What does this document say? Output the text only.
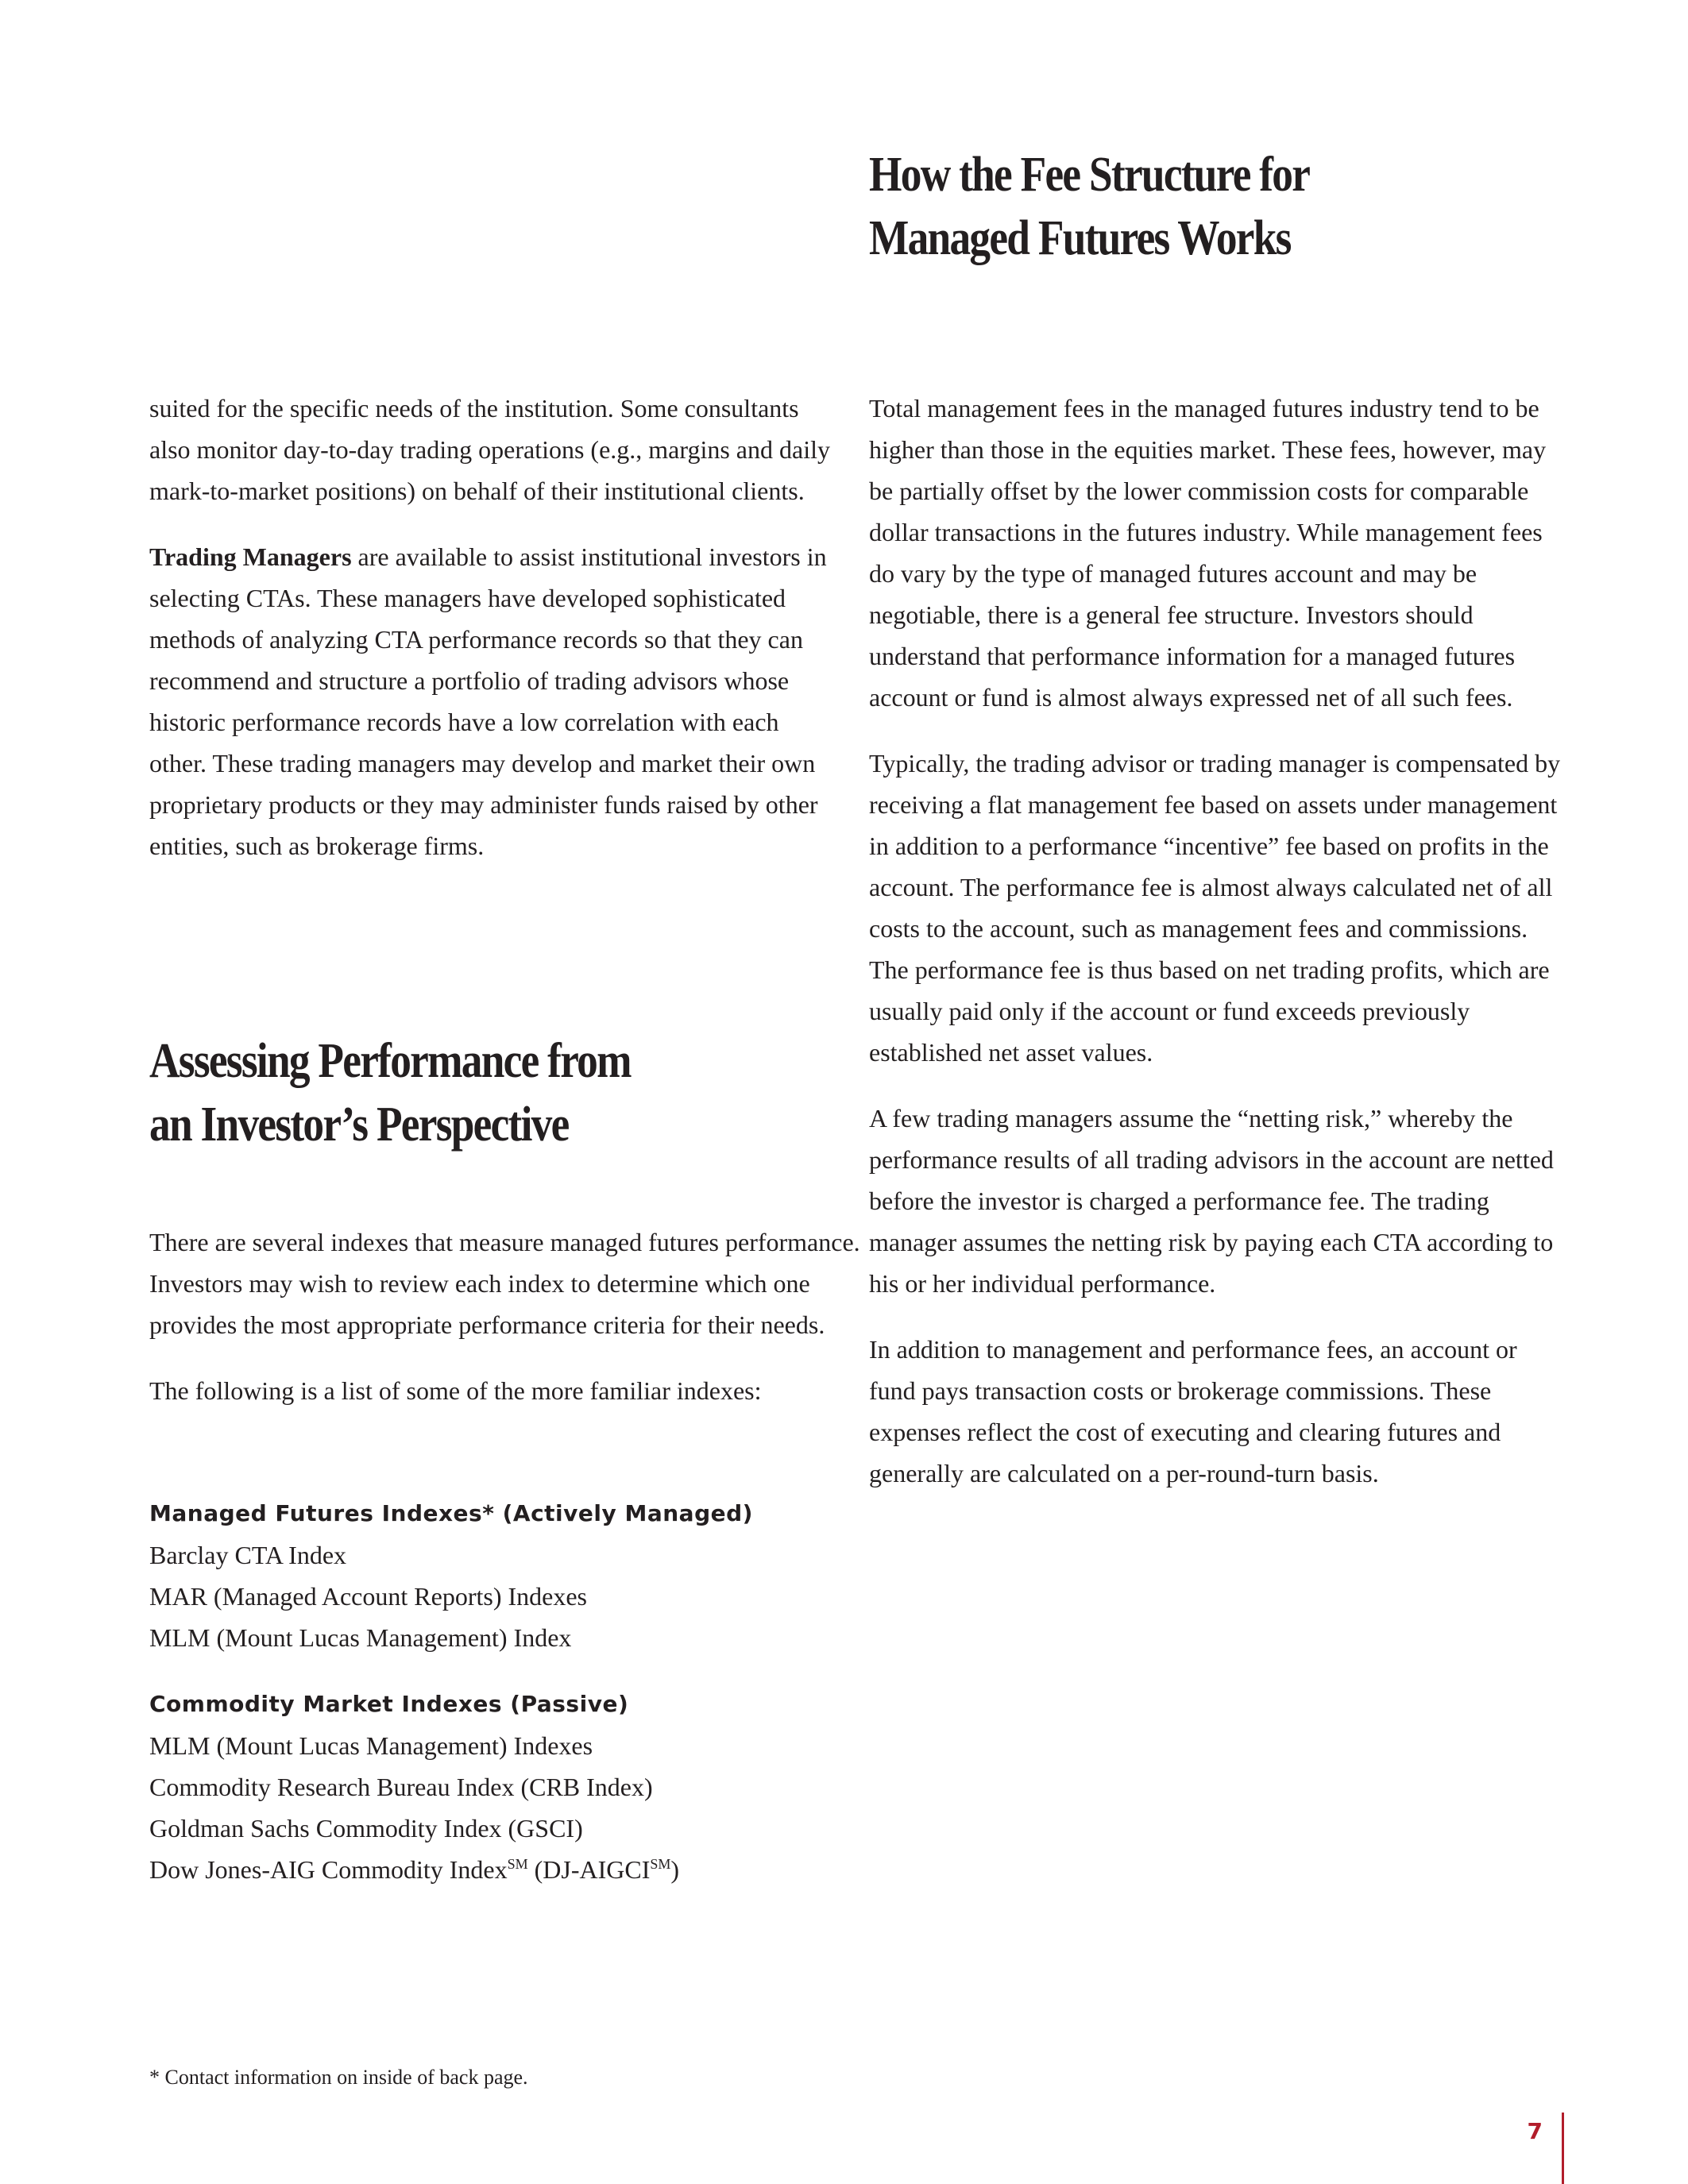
How the Fee Structure for
Managed Futures Works

suited for the specific needs of the institution. Some consultants also monitor day-to-day trading operations (e.g., margins and daily mark-to-market positions) on behalf of their institutional clients.

Trading Managers are available to assist institutional investors in selecting CTAs. These managers have developed sophisticated methods of analyzing CTA performance records so that they can recommend and structure a portfolio of trading advisors whose historic performance records have a low correlation with each other. These trading managers may develop and market their own proprietary products or they may administer funds raised by other entities, such as brokerage firms.

Assessing Performance from
an Investor’s Perspective

There are several indexes that measure managed futures performance. Investors may wish to review each index to determine which one provides the most appropriate performance criteria for their needs.

The following is a list of some of the more familiar indexes:

Managed Futures Indexes* (Actively Managed)
Barclay CTA Index
MAR (Managed Account Reports) Indexes
MLM (Mount Lucas Management) Index
Commodity Market Indexes (Passive)
MLM (Mount Lucas Management) Indexes
Commodity Research Bureau Index (CRB Index)
Goldman Sachs Commodity Index (GSCI)
Dow Jones-AIG Commodity Index℠ (DJ-AIGCI℠)

Total management fees in the managed futures industry tend to be higher than those in the equities market. These fees, however, may be partially offset by the lower commission costs for comparable dollar transactions in the futures industry. While management fees do vary by the type of managed futures account and may be negotiable, there is a general fee structure. Investors should understand that performance information for a managed futures account or fund is almost always expressed net of all such fees.

Typically, the trading advisor or trading manager is compensated by receiving a flat management fee based on assets under management in addition to a performance “incentive” fee based on profits in the account. The performance fee is almost always calculated net of all costs to the account, such as management fees and commissions. The performance fee is thus based on net trading profits, which are usually paid only if the account or fund exceeds previously established net asset values.

A few trading managers assume the “netting risk,” whereby the performance results of all trading advisors in the account are netted before the investor is charged a performance fee. The trading manager assumes the netting risk by paying each CTA according to his or her individual performance.

In addition to management and performance fees, an account or fund pays transaction costs or brokerage commissions. These expenses reflect the cost of executing and clearing futures and generally are calculated on a per-round-turn basis.

* Contact information on inside of back page.
7
